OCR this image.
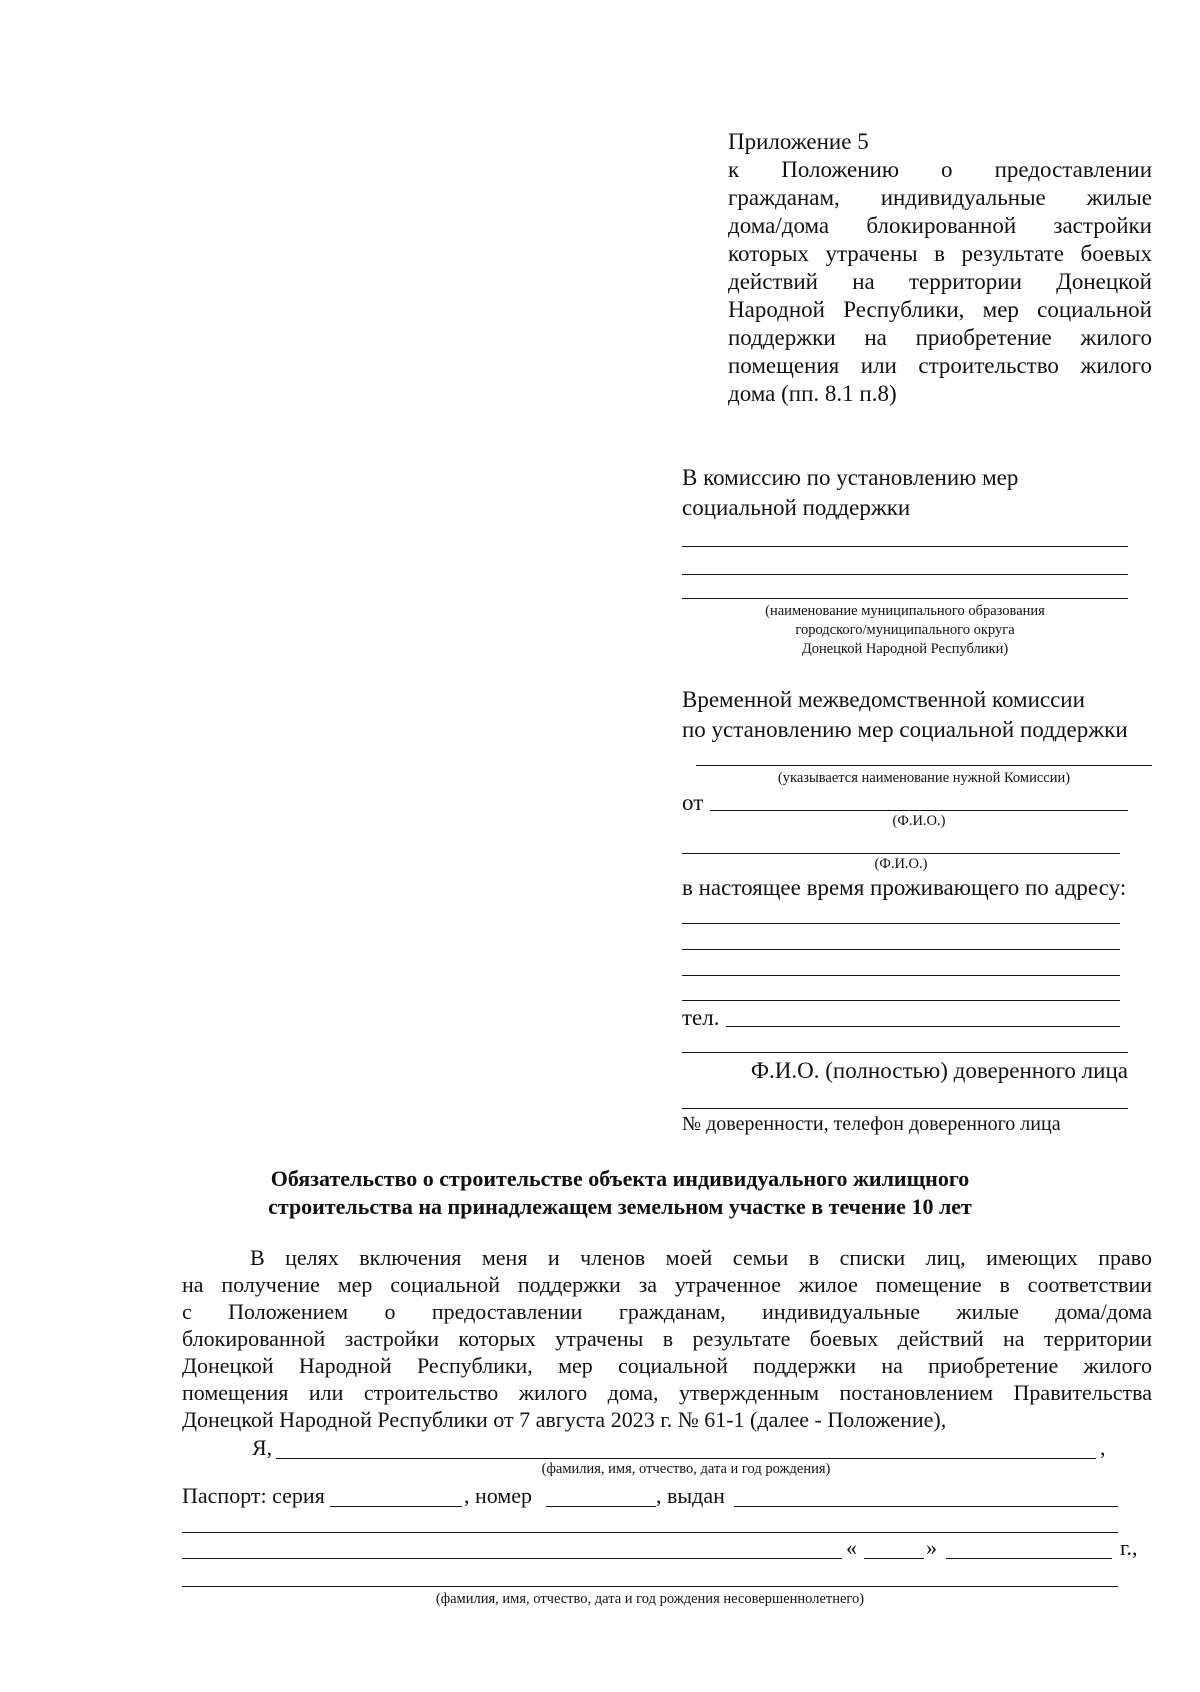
Приложение 5
к Положению о предоставлении
гражданам, индивидуальные жилые
дома/дома блокированной застройки
которых утрачены в результате боевых
действий на территории Донецкой
Народной Республики, мер социальной
поддержки на приобретение жилого
помещения или строительство жилого
дома (пп. 8.1 п.8)
В комиссию по установлению мер
социальной поддержки
(наименование муниципального образования
городского/муниципального округа
Донецкой Народной Республики)
Временной межведомственной комиссии
по установлению мер социальной поддержки
(указывается наименование нужной Комиссии)
от
(Ф.И.О.)
(Ф.И.О.)
в настоящее время проживающего по адресу:
тел.
Ф.И.О. (полностью) доверенного лица
№ доверенности, телефон доверенного лица
Обязательство о строительстве объекта индивидуального жилищного
строительства на принадлежащем земельном участке в течение 10 лет
В целях включения меня и членов моей семьи в списки лиц, имеющих право
на получение мер социальной поддержки за утраченное жилое помещение в соответствии
с Положением о предоставлении гражданам, индивидуальные жилые дома/дома
блокированной застройки которых утрачены в результате боевых действий на территории
Донецкой Народной Республики, мер социальной поддержки на приобретение жилого
помещения или строительство жилого дома, утвержденным постановлением Правительства
Донецкой Народной Республики от 7 августа 2023 г. № 61-1 (далее - Положение),
Я,	,
(фамилия, имя, отчество, дата и год рождения)
Паспорт: серия	, номер	, выдан
«	»	г.,
(фамилия, имя, отчество, дата и год рождения несовершеннолетнего)
